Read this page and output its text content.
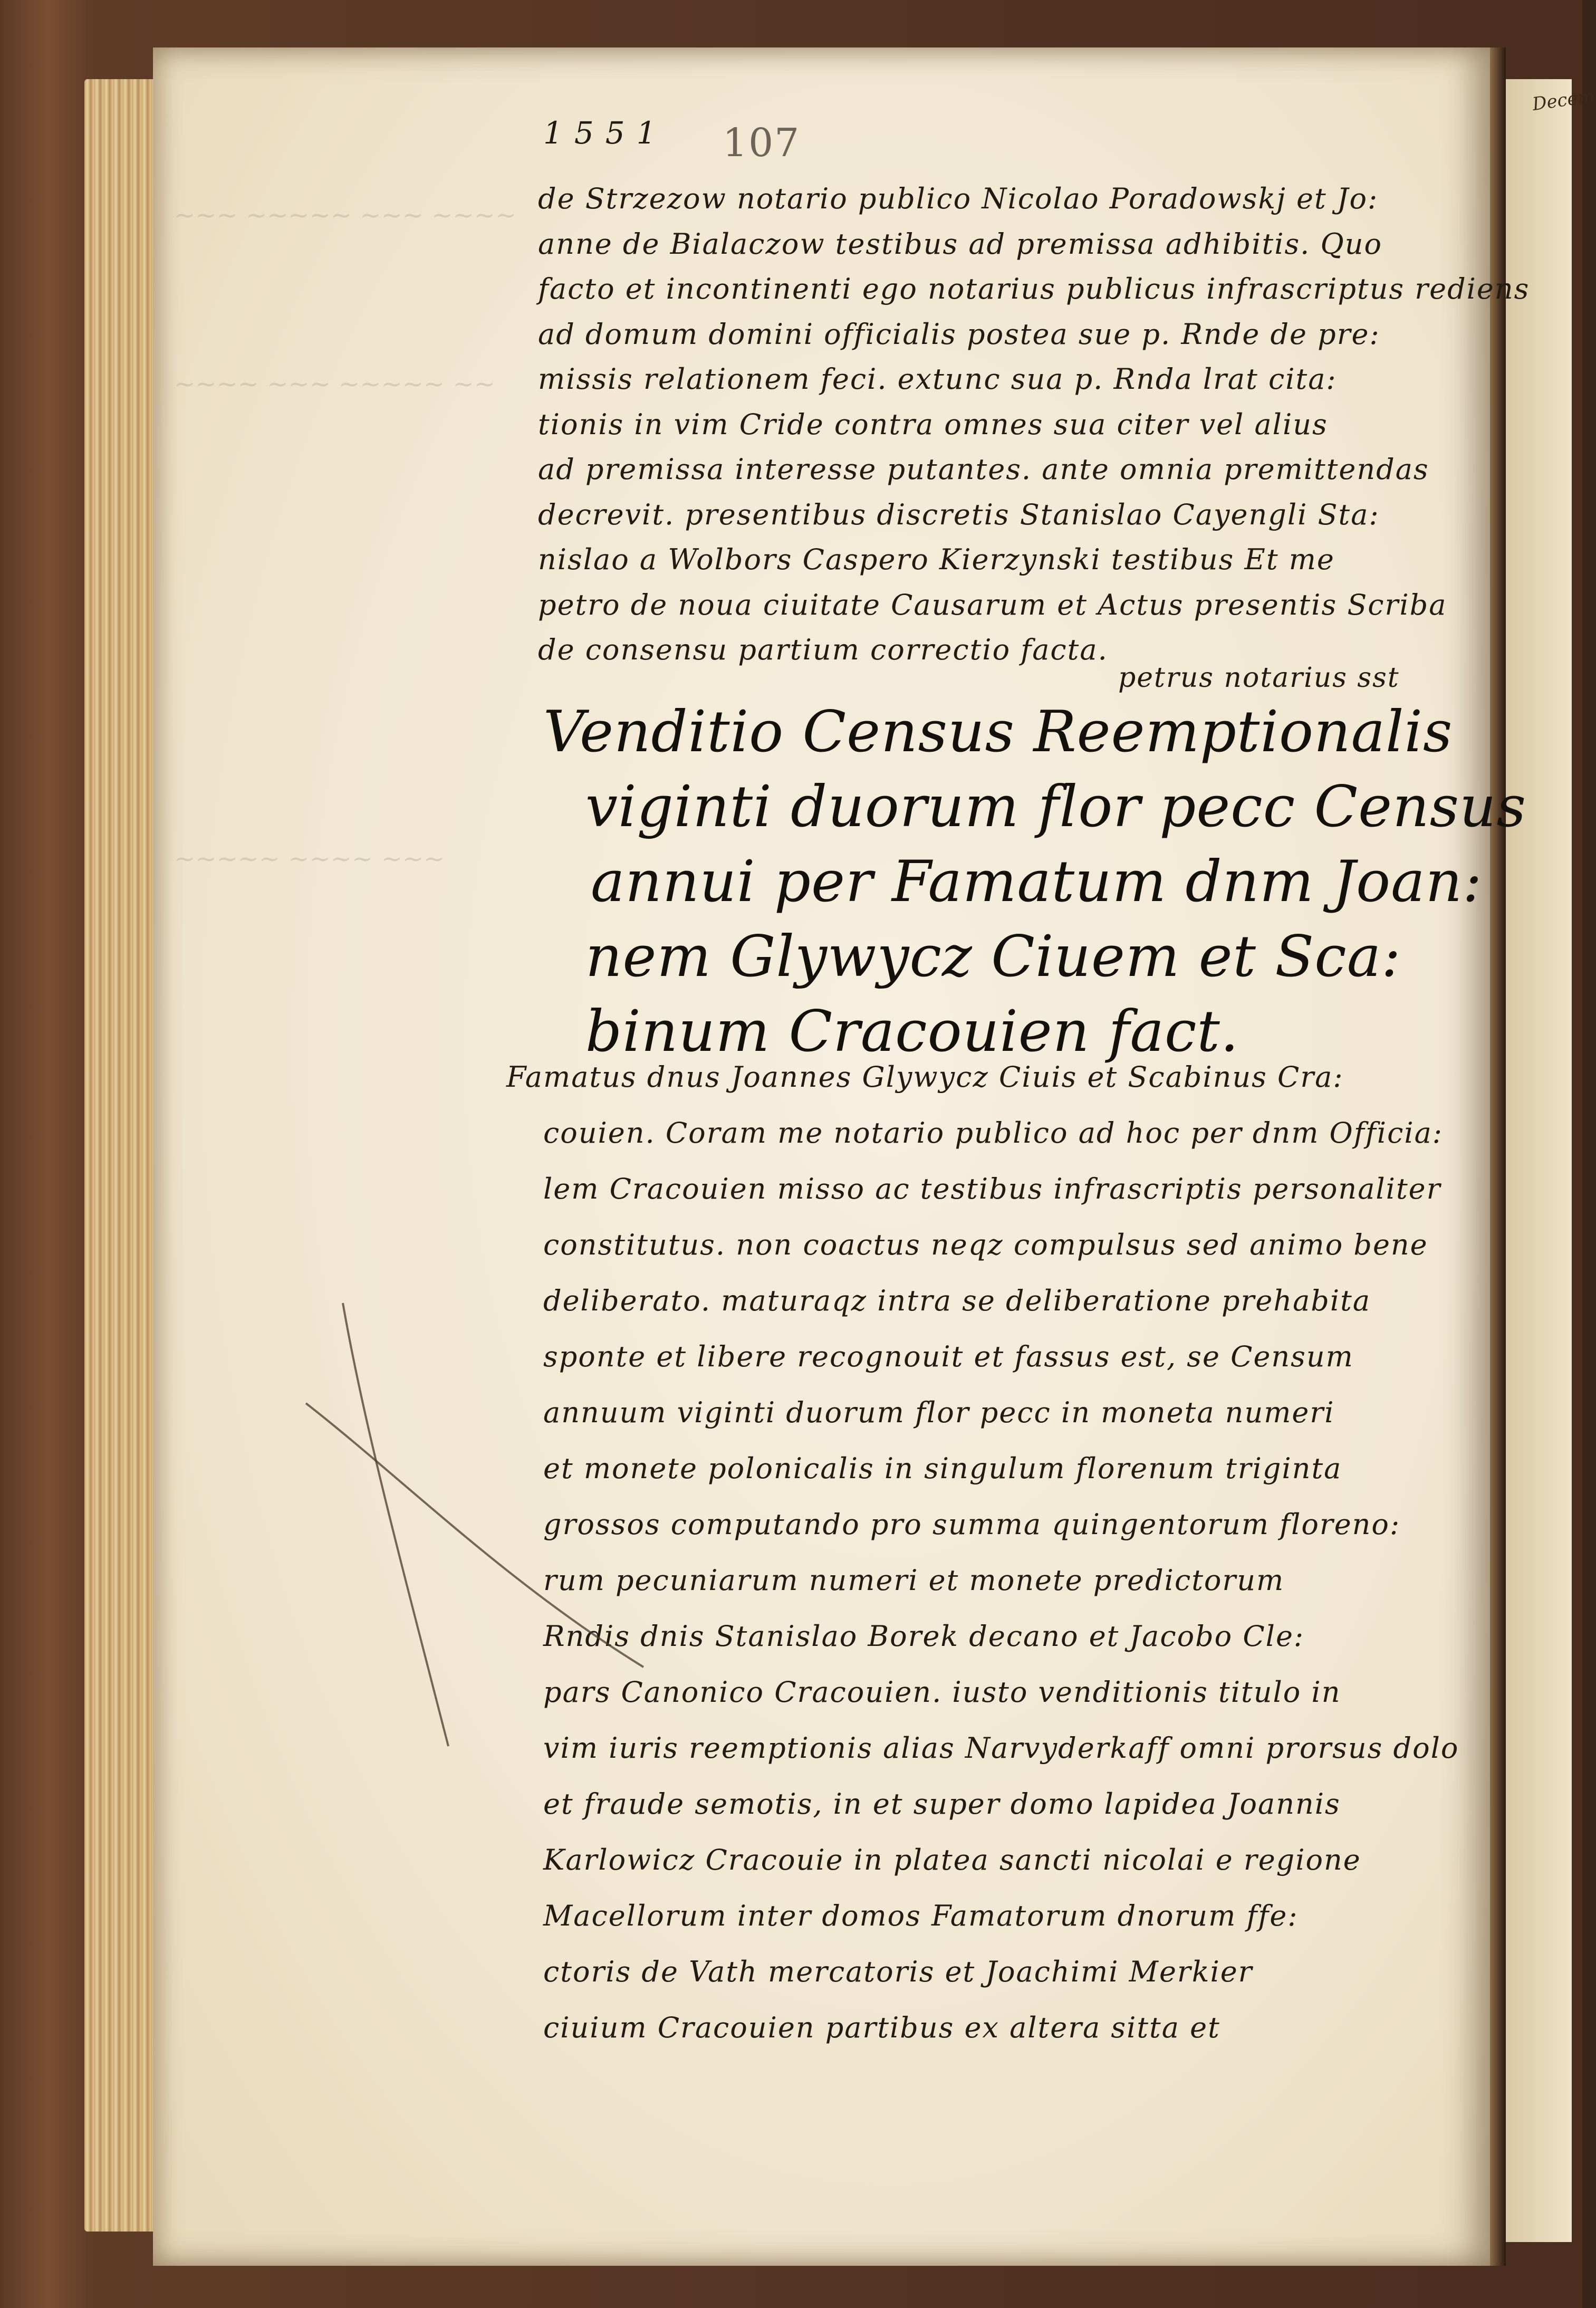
Decem
~~~ ~~~~~ ~~~ ~~~~
~~~~ ~~~ ~~~~~ ~~
~~~~~ ~~~~ ~~~
1551 107
de Strzezow notario publico Nicolao Poradowskj et Jo:
anne de Bialaczow testibus ad premissa adhibitis. Quo
facto et incontinenti ego notarius publicus infrascriptus rediens
ad domum domini officialis postea sue p. Rnde de pre:
missis relationem feci. extunc sua p. Rnda lrat cita:
tionis in vim Cride contra omnes sua citer vel alius
ad premissa interesse putantes. ante omnia premittendas
decrevit. presentibus discretis Stanislao Cayengli Sta:
nislao a Wolbors Caspero Kierzynski testibus Et me
petro de noua ciuitate Causarum et Actus presentis Scriba
de consensu partium correctio facta.
petrus notarius sst
Venditio Census Reemptionalis
viginti duorum flor pecc Census
annui per Famatum dnm Joan:
nem Glywycz Ciuem et Sca:
binum Cracouien fact.
Famatus dnus Joannes Glywycz Ciuis et Scabinus Cra:
couien. Coram me notario publico ad hoc per dnm Officia:
lem Cracouien misso ac testibus infrascriptis personaliter
constitutus. non coactus neqz compulsus sed animo bene
deliberato. maturaqz intra se deliberatione prehabita
sponte et libere recognouit et fassus est, se Censum
annuum viginti duorum flor pecc in moneta numeri
et monete polonicalis in singulum florenum triginta
grossos computando pro summa quingentorum floreno:
rum pecuniarum numeri et monete predictorum
Rndis dnis Stanislao Borek decano et Jacobo Cle:
pars Canonico Cracouien. iusto venditionis titulo in
vim iuris reemptionis alias Narvyderkaff omni prorsus dolo
et fraude semotis, in et super domo lapidea Joannis
Karlowicz Cracouie in platea sancti nicolai e regione
Macellorum inter domos Famatorum dnorum ffe:
ctoris de Vath mercatoris et Joachimi Merkier
ciuium Cracouien partibus ex altera sitta et
